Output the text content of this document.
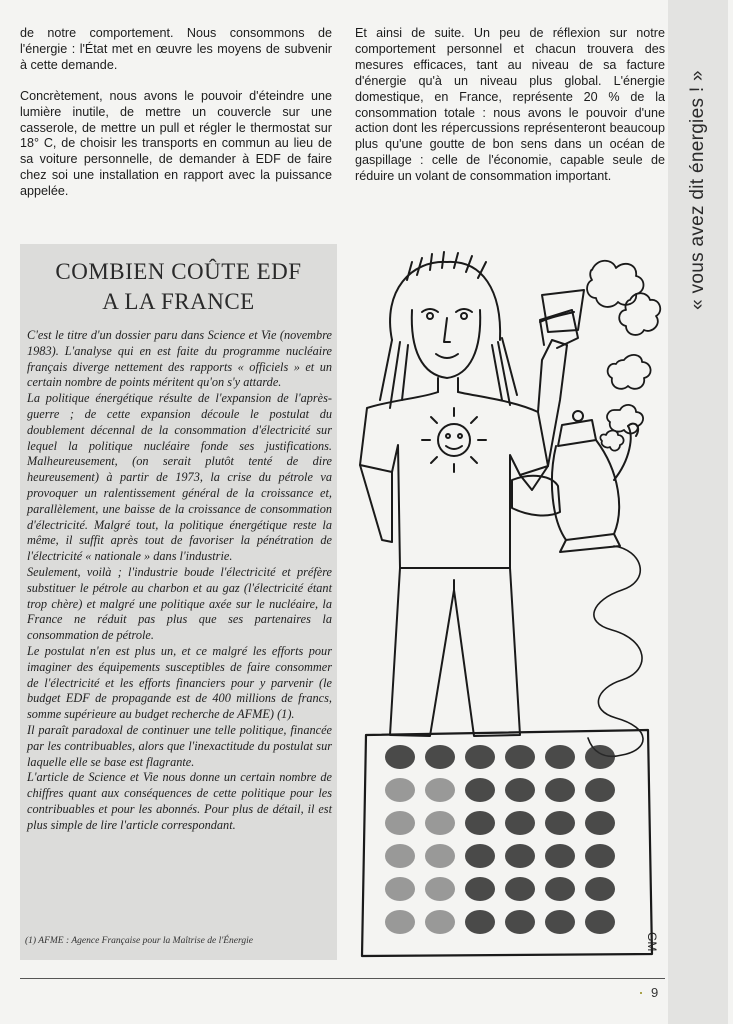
de notre comportement. Nous consommons de l'énergie : l'État met en œuvre les moyens de subvenir à cette demande.

Concrètement, nous avons le pouvoir d'éteindre une lumière inutile, de mettre un couvercle sur une casserole, de mettre un pull et régler le thermostat sur 18° C, de choisir les transports en commun au lieu de sa voiture personnelle, de demander à EDF de faire chez soi une installation en rapport avec la puissance appelée.

Et ainsi de suite. Un peu de réflexion sur notre comportement personnel et chacun trouvera des mesures efficaces, tant au niveau de sa facture d'énergie qu'à un niveau plus global. L'énergie domestique, en France, représente 20 % de la consommation totale : nous avons le pouvoir d'une action dont les répercussions représenteront beaucoup plus qu'une goutte de bon sens dans un océan de gaspillage : celle de l'économie, capable seule de réduire un volant de consommation important.	« vous avez dit énergies ! »
COMBIEN COÛTE EDF
A LA FRANCE

C'est le titre d'un dossier paru dans Science et Vie (novembre 1983). L'analyse qui en est faite du programme nucléaire français diverge nettement des rapports « officiels » et un certain nombre de points méritent qu'on s'y attarde.

La politique énergétique résulte de l'expansion de l'après-guerre ; de cette expansion découle le postulat du doublement décennal de la consommation d'électricité sur lequel la politique nucléaire fonde ses justifications. Malheureusement, (on serait plutôt tenté de dire heureusement) à partir de 1973, la crise du pétrole va provoquer un ralentissement général de la croissance et, parallèlement, une baisse de la croissance de consommation d'électricité. Malgré tout, la politique énergétique reste la même, il suffit après tout de favoriser la pénétration de l'électricité « nationale » dans l'industrie.

Seulement, voilà ; l'industrie boude l'électricité et préfère substituer le pétrole au charbon et au gaz (l'électricité étant trop chère) et malgré une politique axée sur le nucléaire, la France ne réduit pas plus que ses partenaires la consommation de pétrole.

Le postulat n'en est plus un, et ce malgré les efforts pour imaginer des équipements susceptibles de faire consommer de l'électricité et les efforts financiers pour y parvenir (le budget EDF de propagande est de 400 millions de francs, somme supérieure au budget recherche de AFME) (1).

Il paraît paradoxal de continuer une telle politique, financée par les contribuables, alors que l'inexactitude du postulat sur laquelle elle se base est flagrante.

L'article de Science et Vie nous donne un certain nombre de chiffres quant aux conséquences de cette politique pour les contribuables et pour les abonnés. Pour plus de détail, il est plus simple de lire l'article correspondant.

(1) AFME : Agence Française pour la Maîtrise de l'Énergie	GM
9
